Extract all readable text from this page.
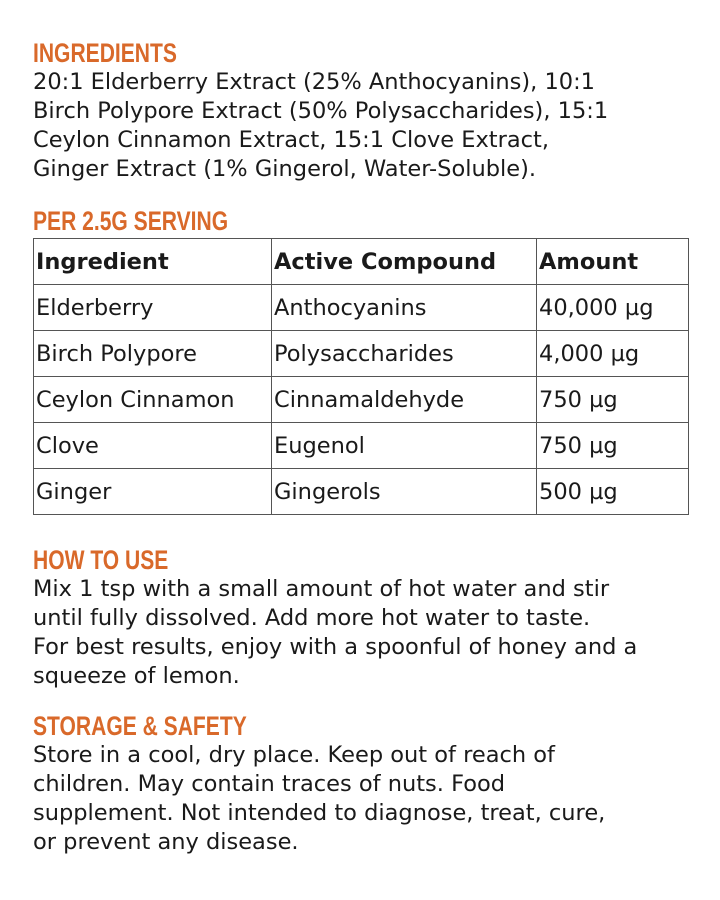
INGREDIENTS

20:1 Elderberry Extract (25% Anthocyanins), 10:1
Birch Polypore Extract (50% Polysaccharides), 15:1
Ceylon Cinnamon Extract, 15:1 Clove Extract,
Ginger Extract (1% Gingerol, Water-Soluble).

PER 2.5G SERVING
Ingredient	Active Compound	Amount
Elderberry	Anthocyanins	40,000 µg
Birch Polypore	Polysaccharides	4,000 µg
Ceylon Cinnamon	Cinnamaldehyde	750 µg
Clove	Eugenol	750 µg
Ginger	Gingerols	500 µg
HOW TO USE

Mix 1 tsp with a small amount of hot water and stir
until fully dissolved. Add more hot water to taste.
For best results, enjoy with a spoonful of honey and a
squeeze of lemon.

STORAGE & SAFETY

Store in a cool, dry place. Keep out of reach of
children. May contain traces of nuts. Food
supplement. Not intended to diagnose, treat, cure,
or prevent any disease.
